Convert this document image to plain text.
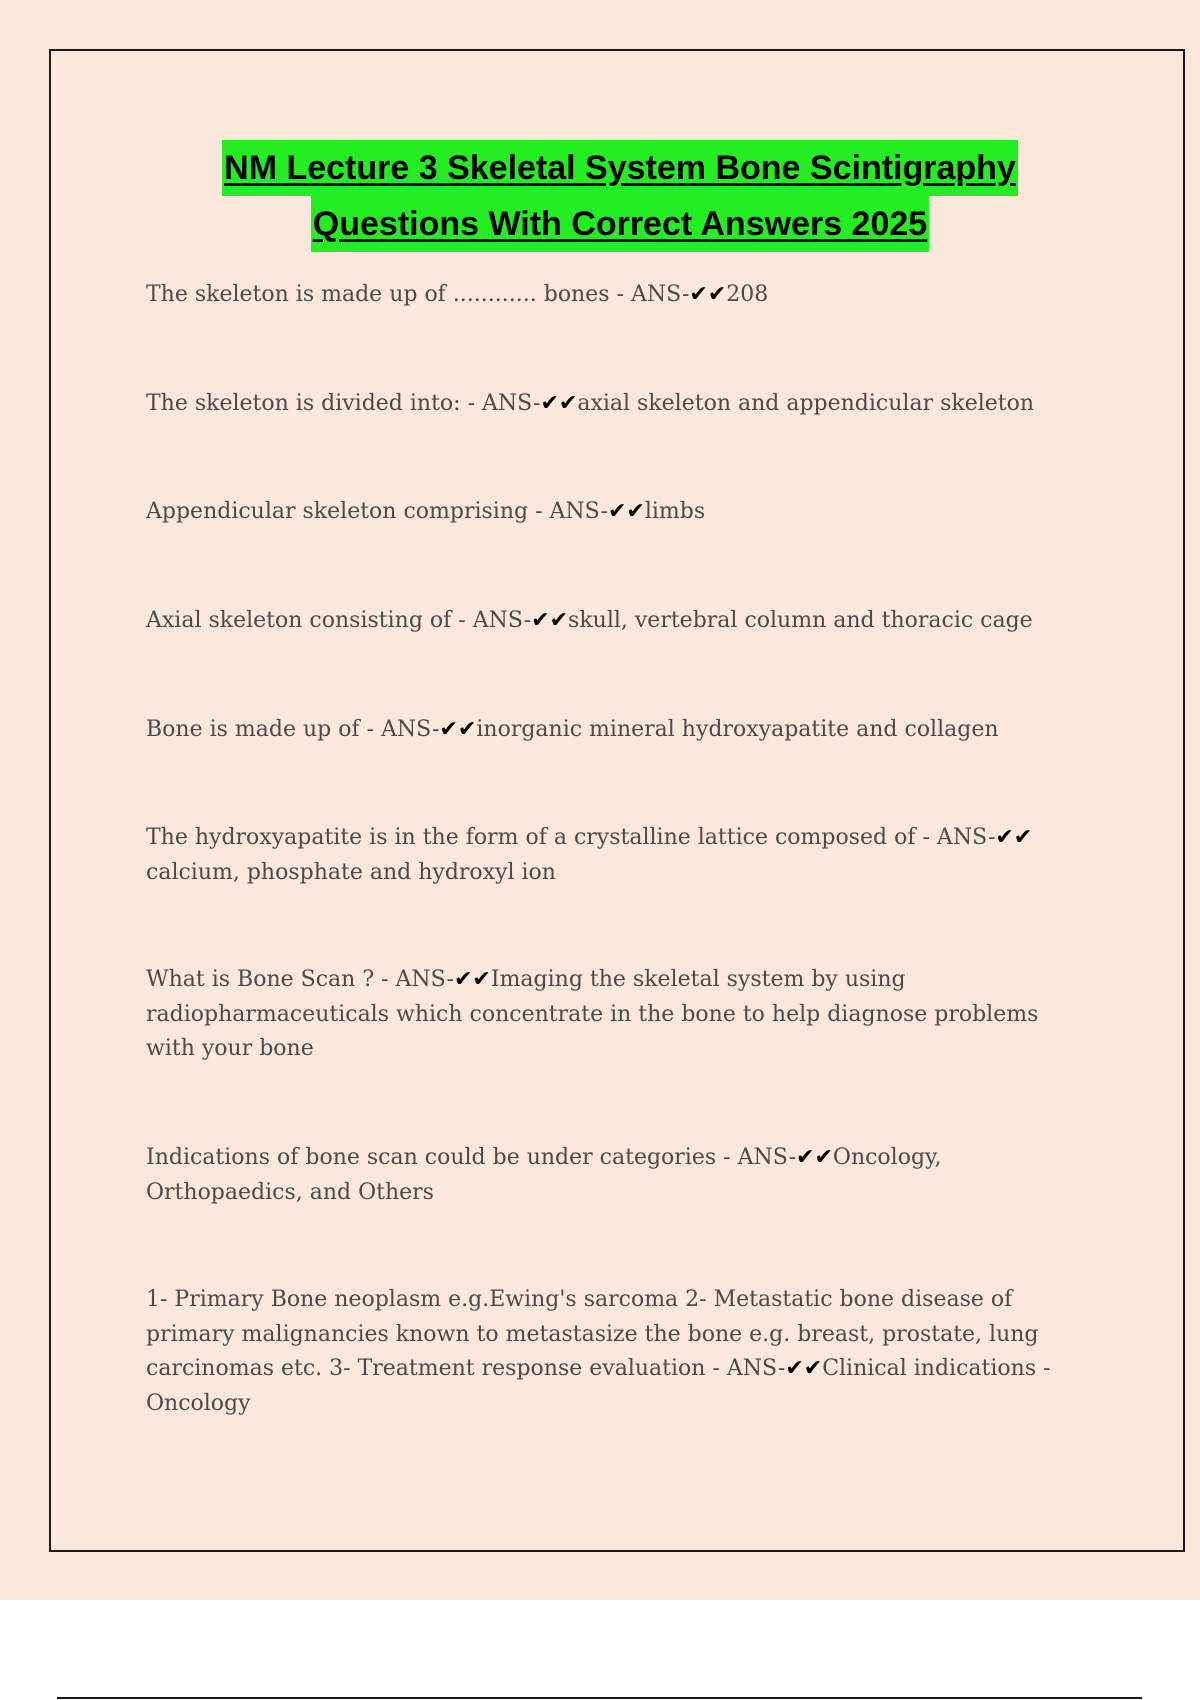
NM Lecture 3 Skeletal System Bone Scintigraphy
Questions With Correct Answers 2025

The skeleton is made up of ............ bones - ANS-✔✔208

The skeleton is divided into: - ANS-✔✔axial skeleton and appendicular skeleton

Appendicular skeleton comprising - ANS-✔✔limbs

Axial skeleton consisting of - ANS-✔✔skull, vertebral column and thoracic cage

Bone is made up of - ANS-✔✔inorganic mineral hydroxyapatite and collagen

The hydroxyapatite is in the form of a crystalline lattice composed of - ANS-✔✔
calcium, phosphate and hydroxyl ion

What is Bone Scan ? - ANS-✔✔Imaging the skeletal system by using radiopharmaceuticals which concentrate in the bone to help diagnose problems with your bone

Indications of bone scan could be under categories - ANS-✔✔Oncology, Orthopaedics, and Others

1- Primary Bone neoplasm e.g.Ewing's sarcoma 2- Metastatic bone disease of primary malignancies known to metastasize the bone e.g. breast, prostate, lung carcinomas etc. 3- Treatment response evaluation - ANS-✔✔Clinical indications - Oncology
